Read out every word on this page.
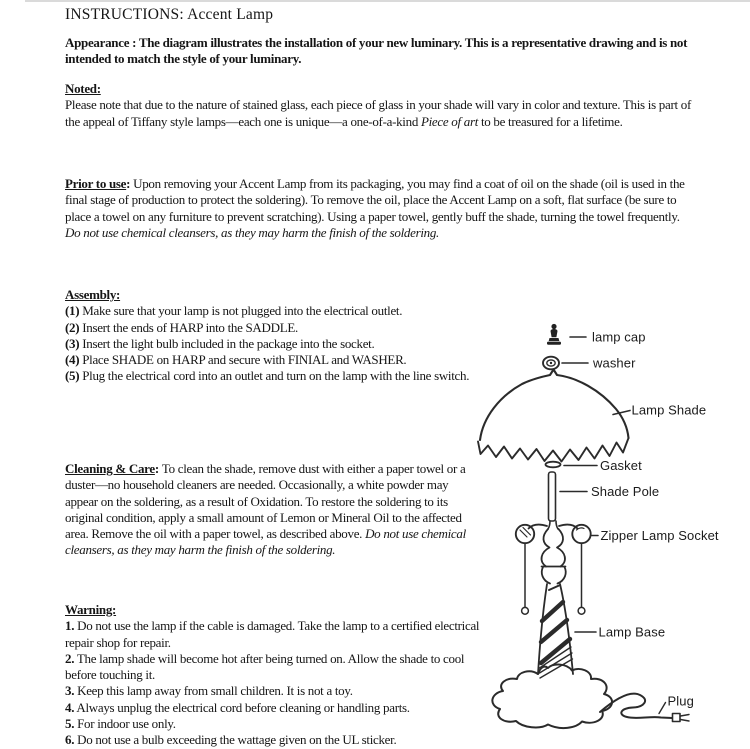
INSTRUCTIONS: Accent Lamp

Appearance : The diagram illustrates the installation of your new luminary. This is a representative drawing and is not intended to match the style of your luminary.

Noted:

Please note that due to the nature of stained glass, each piece of glass in your shade will vary in color and texture. This is part of the appeal of Tiffany style lamps—each one is unique—a one-of-a-kind Piece of art to be treasured for a lifetime.

Prior to use: Upon removing your Accent Lamp from its packaging, you may find a coat of oil on the shade (oil is used in the final stage of production to protect the soldering). To remove the oil, place the Accent Lamp on a soft, flat surface (be sure to place a towel on any furniture to prevent scratching). Using a paper towel, gently buff the shade, turning the towel frequently. Do not use chemical cleansers, as they may harm the finish of the soldering.

Assembly:
(1) Make sure that your lamp is not plugged into the electrical outlet.
(2) Insert the ends of HARP into the SADDLE.
(3) Insert the light bulb included in the package into the socket.
(4) Place SHADE on HARP and secure with FINIAL and WASHER.
(5) Plug the electrical cord into an outlet and turn on the lamp with the line switch.

Cleaning & Care: To clean the shade, remove dust with either a paper towel or a duster—no household cleaners are needed. Occasionally, a white powder may appear on the soldering, as a result of Oxidation. To restore the soldering to its original condition, apply a small amount of Lemon or Mineral Oil to the affected area. Remove the oil with a paper towel, as described above. Do not use chemical cleansers, as they may harm the finish of the soldering.

Warning:
1. Do not use the lamp if the cable is damaged. Take the lamp to a certified electrical repair shop for repair.
2. The lamp shade will become hot after being turned on. Allow the shade to cool before touching it.
3. Keep this lamp away from small children. It is not a toy.
4. Always unplug the electrical cord before cleaning or handling parts.
5. For indoor use only.
6. Do not use a bulb exceeding the wattage given on the UL sticker.
lamp cap
washer
Lamp Shade
Gasket
Shade Pole
Zipper Lamp Socket
Lamp Base
Plug
